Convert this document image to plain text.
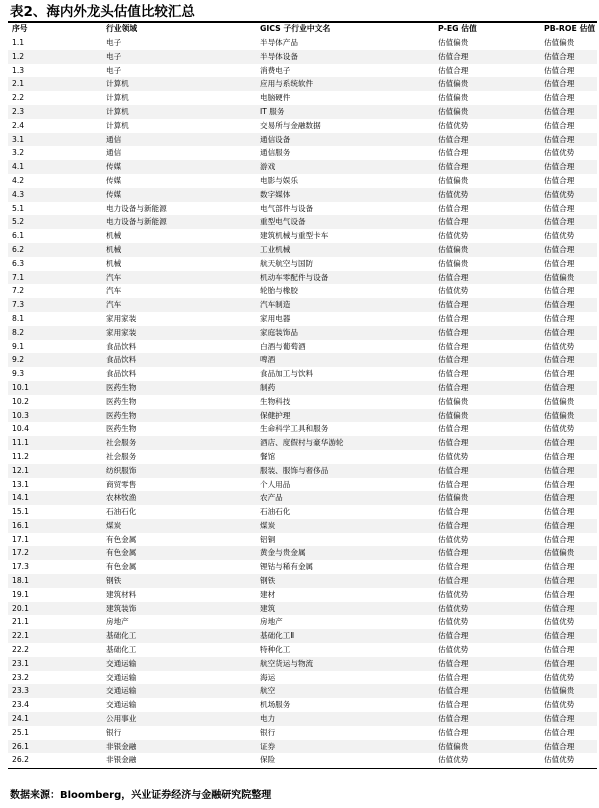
表2、海内外龙头估值比较汇总
序号	行业领域	GICS 子行业中文名	P-EG 估值	PB-ROE 估值
1.1	电子	半导体产品	估值偏贵	估值偏贵
1.2	电子	半导体设备	估值合理	估值合理
1.3	电子	消费电子	估值合理	估值合理
2.1	计算机	应用与系统软件	估值偏贵	估值合理
2.2	计算机	电脑硬件	估值偏贵	估值合理
2.3	计算机	IT 服务	估值偏贵	估值合理
2.4	计算机	交易所与金融数据	估值优势	估值合理
3.1	通信	通信设备	估值合理	估值合理
3.2	通信	通信服务	估值合理	估值优势
4.1	传媒	游戏	估值合理	估值合理
4.2	传媒	电影与娱乐	估值偏贵	估值合理
4.3	传媒	数字媒体	估值优势	估值优势
5.1	电力设备与新能源	电气部件与设备	估值合理	估值合理
5.2	电力设备与新能源	重型电气设备	估值合理	估值合理
6.1	机械	建筑机械与重型卡车	估值优势	估值优势
6.2	机械	工业机械	估值偏贵	估值合理
6.3	机械	航天航空与国防	估值偏贵	估值合理
7.1	汽车	机动车零配件与设备	估值合理	估值偏贵
7.2	汽车	轮胎与橡胶	估值优势	估值合理
7.3	汽车	汽车制造	估值合理	估值合理
8.1	家用家装	家用电器	估值合理	估值合理
8.2	家用家装	家庭装饰品	估值合理	估值合理
9.1	食品饮料	白酒与葡萄酒	估值合理	估值优势
9.2	食品饮料	啤酒	估值合理	估值合理
9.3	食品饮料	食品加工与饮料	估值合理	估值合理
10.1	医药生物	制药	估值合理	估值合理
10.2	医药生物	生物科技	估值偏贵	估值偏贵
10.3	医药生物	保健护理	估值偏贵	估值偏贵
10.4	医药生物	生命科学工具和服务	估值合理	估值优势
11.1	社会服务	酒店、度假村与豪华游轮	估值合理	估值合理
11.2	社会服务	餐馆	估值优势	估值合理
12.1	纺织服饰	服装、服饰与奢侈品	估值合理	估值合理
13.1	商贸零售	个人用品	估值合理	估值合理
14.1	农林牧渔	农产品	估值偏贵	估值合理
15.1	石油石化	石油石化	估值合理	估值合理
16.1	煤炭	煤炭	估值合理	估值合理
17.1	有色金属	铝铜	估值优势	估值合理
17.2	有色金属	黄金与贵金属	估值合理	估值偏贵
17.3	有色金属	锂钴与稀有金属	估值合理	估值合理
18.1	钢铁	钢铁	估值合理	估值合理
19.1	建筑材料	建材	估值优势	估值合理
20.1	建筑装饰	建筑	估值优势	估值合理
21.1	房地产	房地产	估值优势	估值优势
22.1	基础化工	基础化工Ⅱ	估值合理	估值合理
22.2	基础化工	特种化工	估值优势	估值合理
23.1	交通运输	航空货运与物流	估值合理	估值合理
23.2	交通运输	海运	估值合理	估值优势
23.3	交通运输	航空	估值合理	估值偏贵
23.4	交通运输	机场服务	估值合理	估值优势
24.1	公用事业	电力	估值合理	估值合理
25.1	银行	银行	估值合理	估值合理
26.1	非银金融	证券	估值偏贵	估值合理
26.2	非银金融	保险	估值优势	估值优势
数据来源：Bloomberg，兴业证券经济与金融研究院整理
